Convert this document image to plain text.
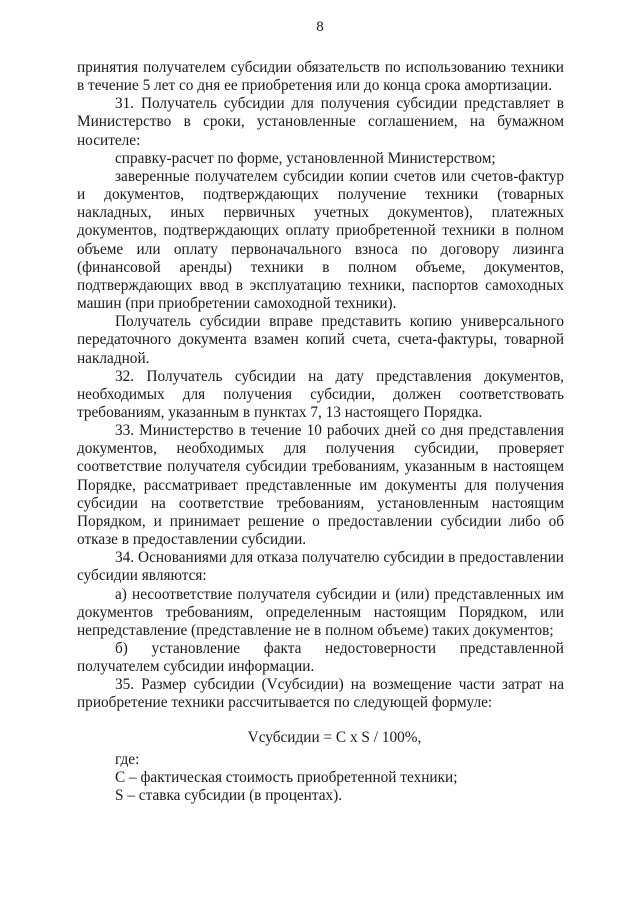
8

принятия получателем субсидии обязательств по использованию техники в течение 5 лет со дня ее приобретения или до конца срока амортизации.

31. Получатель субсидии для получения субсидии представляет в Министерство в сроки, установленные соглашением, на бумажном носителе:

справку-расчет по форме, установленной Министерством;

заверенные получателем субсидии копии счетов или счетов-фактур и документов, подтверждающих получение техники (товарных накладных, иных первичных учетных документов), платежных документов, подтверждающих оплату приобретенной техники в полном объеме или оплату первоначального взноса по договору лизинга (финансовой аренды) техники в полном объеме, документов, подтверждающих ввод в эксплуатацию техники, паспортов самоходных машин (при приобретении самоходной техники).

Получатель субсидии вправе представить копию универсального передаточного документа взамен копий счета, счета-фактуры, товарной накладной.

32. Получатель субсидии на дату представления документов, необходимых для получения субсидии, должен соответствовать требованиям, указанным в пунктах 7, 13 настоящего Порядка.

33. Министерство в течение 10 рабочих дней со дня представления документов, необходимых для получения субсидии, проверяет соответствие получателя субсидии требованиям, указанным в настоящем Порядке, рассматривает представленные им документы для получения субсидии на соответствие требованиям, установленным настоящим Порядком, и принимает решение о предоставлении субсидии либо об отказе в предоставлении субсидии.

34. Основаниями для отказа получателю субсидии в предоставлении субсидии являются:

а) несоответствие получателя субсидии и (или) представленных им документов требованиям, определенным настоящим Порядком, или непредставление (представление не в полном объеме) таких документов;

б) установление факта недостоверности представленной получателем субсидии информации.

35. Размер субсидии (Vсубсидии) на возмещение части затрат на приобретение техники рассчитывается по следующей формуле:

Vсубсидии = C x S / 100%,

где:

C – фактическая стоимость приобретенной техники;

S – ставка субсидии (в процентах).
